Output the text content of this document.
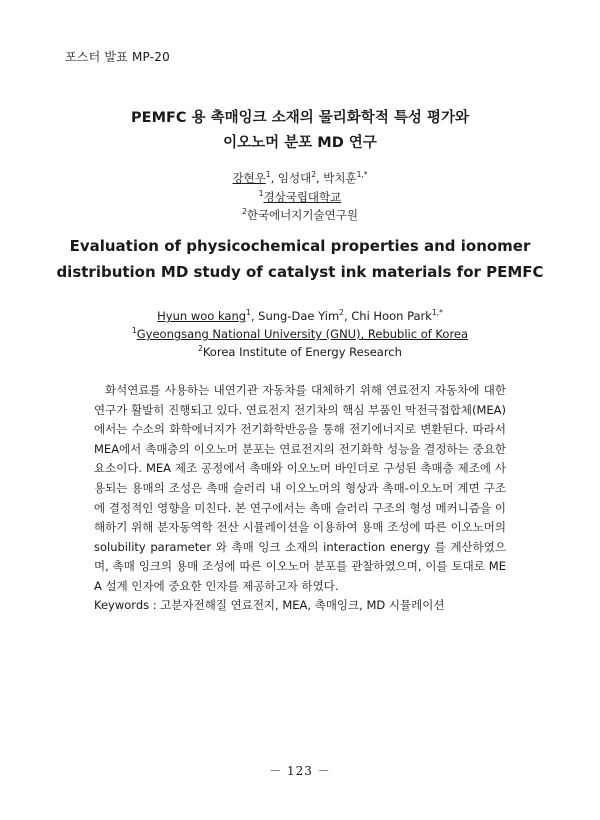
포스터 발표 MP-20
PEMFC 용 촉매잉크 소재의 물리화학적 특성 평가와
이오노머 분포 MD 연구
강현우$^1$, 임성대$^2$, 박치훈$^{1,*}$
$^1$경상국립대학교
$^2$한국에너지기술연구원
Evaluation of physicochemical properties and ionomer
distribution MD study of catalyst ink materials for PEMFC
Hyun woo kang$^1$, Sung-Dae Yim$^2$, Chi Hoon Park$^{1,*}$
$^1$Gyeongsang National University (GNU), Rebublic of Korea
$^2$Korea Institute of Energy Research
화석연료를 사용하는 내연기관 자동차를 대체하기 위해 연료전지 자동차에 대한 연구가 활발히 진행되고 있다. 연료전지 전기차의 핵심 부품인 막전극접합체(MEA)에서는 수소의 화학에너지가 전기화학반응을 통해 전기에너지로 변환된다. 따라서 MEA에서 촉매층의 이오노머 분포는 연료전지의 전기화학 성능을 결정하는 중요한 요소이다. MEA 제조 공정에서 촉매와 이오노머 바인더로 구성된 촉매층 제조에 사용되는 용매의 조성은 촉매 슬러리 내 이오노머의 형상과 촉매-이오노머 계면 구조에 결정적인 영향을 미친다. 본 연구에서는 촉매 슬러리 구조의 형성 메커니즘을 이해하기 위해 분자동역학 전산 시뮬레이션을 이용하여 용매 조성에 따른 이오노머의 solubility parameter 와 촉매 잉크 소재의 interaction energy 를 계산하였으며, 촉매 잉크의 용매 조성에 따른 이오노머 분포를 관찰하였으며, 이를 토대로 MEA 설계 인자에 중요한 인자를 제공하고자 하였다.
Keywords : 고분자전해질 연료전지, MEA, 촉매잉크, MD 시뮬레이션
－ 123 －
